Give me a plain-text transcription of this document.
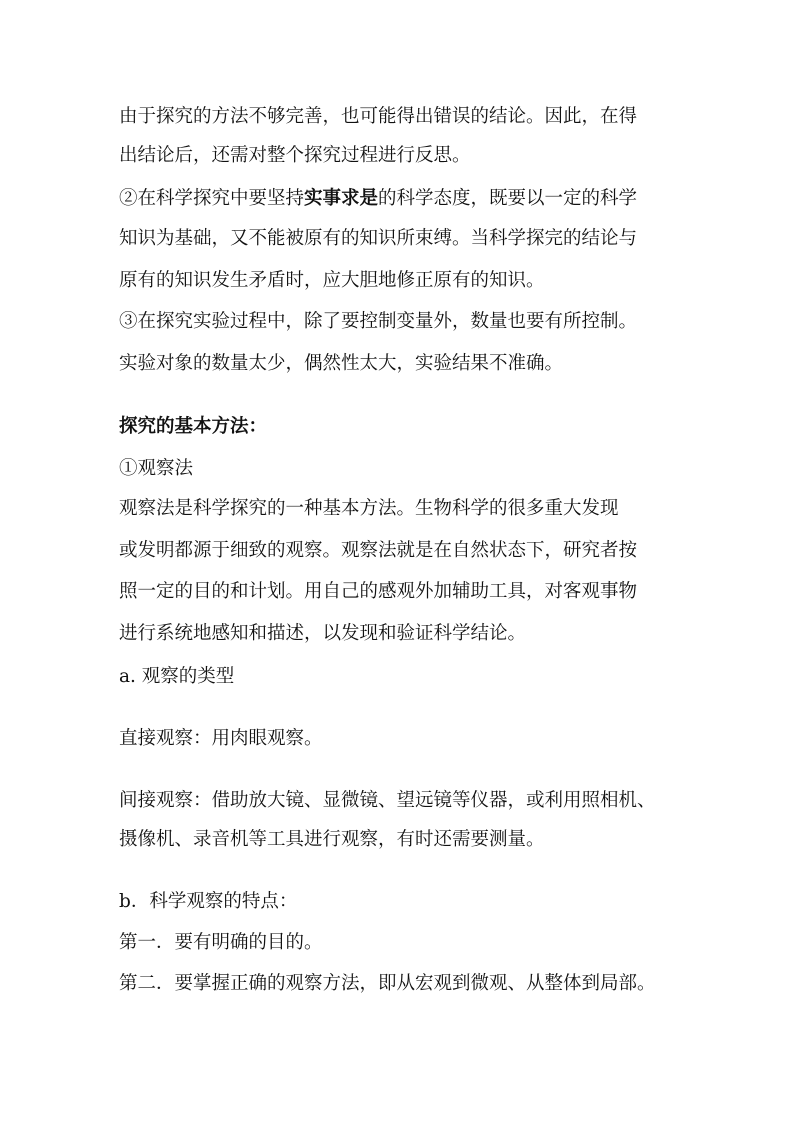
由于探究的方法不够完善，也可能得出错误的结论。因此，在得
出结论后，还需对整个探究过程进行反思。
②在科学探究中要坚持实事求是的科学态度，既要以一定的科学
知识为基础，又不能被原有的知识所束缚。当科学探完的结论与
原有的知识发生矛盾时，应大胆地修正原有的知识。
③在探究实验过程中，除了要控制变量外，数量也要有所控制。
实验对象的数量太少，偶然性太大，实验结果不准确。
探究的基本方法：
①观察法
观察法是科学探究的一种基本方法。生物科学的很多重大发现
或发明都源于细致的观察。观察法就是在自然状态下，研究者按
照一定的目的和计划。用自己的感观外加辅助工具，对客观事物
进行系统地感知和描述，以发现和验证科学结论。
a. 观察的类型
直接观察：用肉眼观察。
间接观察：借助放大镜、显微镜、望远镜等仪器，或利用照相机、
摄像机、录音机等工具进行观察，有时还需要测量。
b．科学观察的特点：
第一．要有明确的目的。
第二．要掌握正确的观察方法，即从宏观到微观、从整体到局部。
